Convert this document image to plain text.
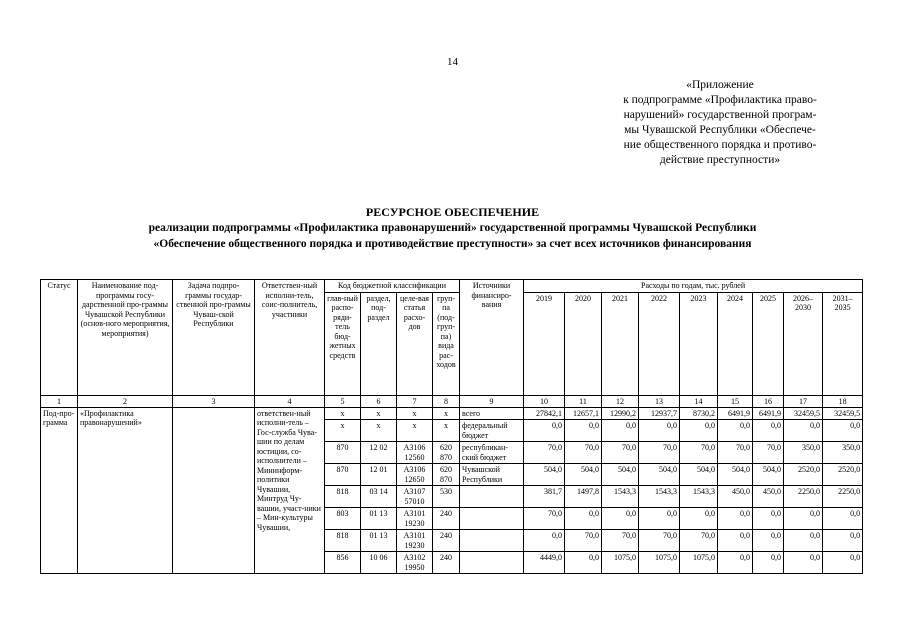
14
«Приложение
к подпрограмме «Профилактика право-
нарушений» государственной програм-
мы Чувашской Республики «Обеспече-
ние общественного порядка и противо-
действие преступности»
РЕСУРСНОЕ ОБЕСПЕЧЕНИЕ
реализации подпрограммы «Профилактика правонарушений» государственной программы Чувашской Республики
«Обеспечение общественного порядка и противодействие преступности» за счет всех источников финансирования
Статус	Наименование под-программы госу-дарственной про-граммы Чувашской Республики (основ-ного мероприятия, мероприятия)	Задача подпро-граммы государ-ственной про-граммы Чуваш-ской Республики	Ответствен-ный исполни-тель, соис-полнитель, участники	Код бюджетной классификации				Источники финансиро-вания	Расходы по годам, тыс. рублей								
				глав-ный распо-ряди-тель бюд-жетных средств	раздел, под-раздел	целе-вая статья расхо-дов	груп-па (под-груп-па) вида рас-ходов		2019	2020	2021	2022	2023	2024	2025	2026–2030	2031–2035
1	2	3	4	5	6	7	8	9	10	11	12	13	14	15	16	17	18
Под-про-грамма	«Профилактика правонарушений»		ответствен-ный исполни-тель – Гос-служба Чува-шии по делам юстиции, со-исполнители – Мининформ-политики Чувашии, Минтруд Чу-вашии, участ-ники – Мин-культуры Чувашии,	x	x	x	x	всего	27842,1	12657,1	12990,2	12937,7	8730,2	6491,9	6491,9	32459,5	32459,5
				x	x	x	x	федеральный бюджет	0,0	0,0	0,0	0,0	0,0	0,0	0,0	0,0	0,0
				870	12 02	А3106 12560	620 870	республикан-ский бюджет	70,0	70,0	70,0	70,0	70,0	70,0	70,0	350,0	350,0
				870	12 01	А3106 12650	620 870	Чувашской Республики	504,0	504,0	504,0	504,0	504,0	504,0	504,0	2520,0	2520,0
				818	03 14	А3107 57010	530		381,7	1497,8	1543,3	1543,3	1543,3	450,0	450,0	2250,0	2250,0
				803	01 13	А3101 19230	240		70,0	0,0	0,0	0,0	0,0	0,0	0,0	0,0	0,0
				818	01 13	А3101 19230	240		0,0	70,0	70,0	70,0	70,0	0,0	0,0	0,0	0,0
				856	10 06	А3102 19950	240		4449,0	0,0	1075,0	1075,0	1075,0	0,0	0,0	0,0	0,0
